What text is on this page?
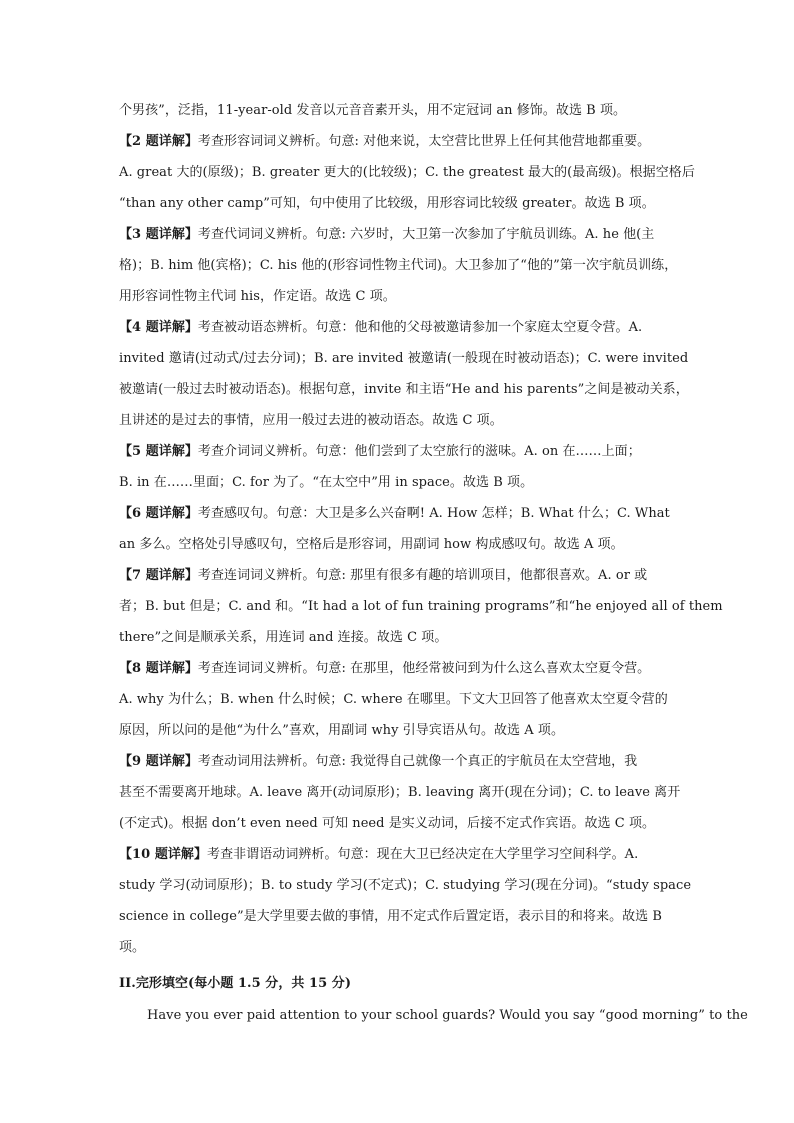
个男孩”，泛指，11-year-old 发音以元音音素开头，用不定冠词 an 修饰。故选 B 项。
【2 题详解】考查形容词词义辨析。句意: 对他来说，太空营比世界上任何其他营地都重要。
A. great 大的(原级)；B. greater 更大的(比较级)；C. the greatest 最大的(最高级)。根据空格后
“than any other camp”可知，句中使用了比较级，用形容词比较级 greater。故选 B 项。
【3 题详解】考查代词词义辨析。句意: 六岁时，大卫第一次参加了宇航员训练。A. he 他(主
格)；B. him 他(宾格)；C. his 他的(形容词性物主代词)。大卫参加了“他的”第一次宇航员训练，
用形容词性物主代词 his，作定语。故选 C 项。
【4 题详解】考查被动语态辨析。句意：他和他的父母被邀请参加一个家庭太空夏令营。A.
invited 邀请(过动式/过去分词)；B. are invited 被邀请(一般现在时被动语态)；C. were invited
被邀请(一般过去时被动语态)。根据句意，invite 和主语“He and his parents”之间是被动关系，
且讲述的是过去的事情，应用一般过去进的被动语态。故选 C 项。
【5 题详解】考查介词词义辨析。句意：他们尝到了太空旅行的滋味。A. on 在……上面；
B. in 在……里面；C. for 为了。“在太空中”用 in space。故选 B 项。
【6 题详解】考查感叹句。句意：大卫是多么兴奋啊! A. How 怎样；B. What 什么；C. What
an 多么。空格处引导感叹句，空格后是形容词，用副词 how 构成感叹句。故选 A 项。
【7 题详解】考查连词词义辨析。句意: 那里有很多有趣的培训项目，他都很喜欢。A. or 或
者；B. but 但是；C. and 和。“It had a lot of fun training programs”和“he enjoyed all of them
there”之间是顺承关系，用连词 and 连接。故选 C 项。
【8 题详解】考查连词词义辨析。句意: 在那里，他经常被问到为什么这么喜欢太空夏令营。
A. why 为什么；B. when 什么时候；C. where 在哪里。下文大卫回答了他喜欢太空夏令营的
原因，所以问的是他“为什么”喜欢，用副词 why 引导宾语从句。故选 A 项。
【9 题详解】考查动词用法辨析。句意: 我觉得自己就像一个真正的宇航员在太空营地，我
甚至不需要离开地球。A. leave 离开(动词原形)；B. leaving 离开(现在分词)；C. to leave 离开
(不定式)。根据 don’t even need 可知 need 是实义动词，后接不定式作宾语。故选 C 项。
【10 题详解】考查非谓语动词辨析。句意：现在大卫已经决定在大学里学习空间科学。A.
study 学习(动词原形)；B. to study 学习(不定式)；C. studying 学习(现在分词)。“study space
science in college”是大学里要去做的事情，用不定式作后置定语，表示目的和将来。故选 B
项。
II.完形填空(每小题 1.5 分，共 15 分)
Have you ever paid attention to your school guards? Would you say “good morning” to the
